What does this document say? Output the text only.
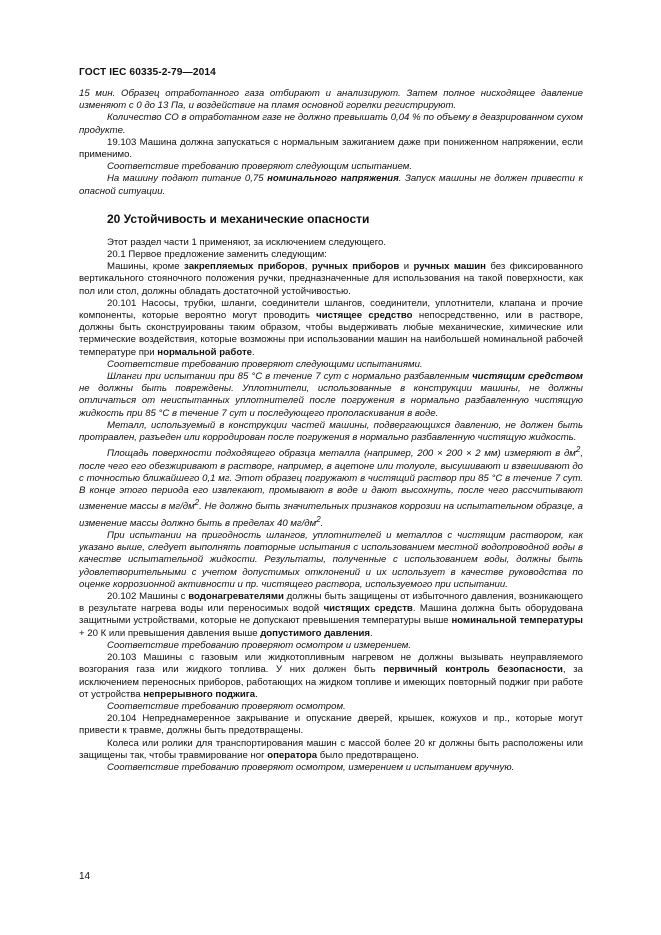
ГОСТ IEC 60335-2-79—2014

15 мин. Образец отработанного газа отбирают и анализируют. Затем полное нисходящее давление изменяют с 0 до 13 Па, и воздействие на пламя основной горелки регистрируют.

Количество CO в отработанном газе не должно превышать 0,04 % по объему в деазрированном сухом продукте.

19.103 Машина должна запускаться с нормальным зажиганием даже при пониженном напряжении, если применимо.

Соответствие требованию проверяют следующим испытанием.

На машину подают питание 0,75 номинального напряжения. Запуск машины не должен привести к опасной ситуации.

20 Устойчивость и механические опасности

Этот раздел части 1 применяют, за исключением следующего.

20.1 Первое предложение заменить следующим:

Машины, кроме закрепляемых приборов, ручных приборов и ручных машин без фиксированного вертикального стояночного положения ручки, предназначенные для использования на такой поверхности, как пол или стол, должны обладать достаточной устойчивостью.

20.101 Насосы, трубки, шланги, соединители шлангов, соединители, уплотнители, клапана и прочие компоненты, которые вероятно могут проводить чистящее средство непосредственно, или в растворе, должны быть сконструированы таким образом, чтобы выдерживать любые механические, химические или термические воздействия, которые возможны при использовании машин на наибольшей номинальной рабочей температуре при нормальной работе.

Соответствие требованию проверяют следующими испытаниями.

Шланги при испытании при 85 °С в течение 7 сут с нормально разбавленным чистящим средством не должны быть повреждены. Уплотнители, использованные в конструкции машины, не должны отличаться от неиспытанных уплотнителей после погружения в нормально разбавленную чистящую жидкость при 85 °С в течение 7 сут и последующего прополаскивания в воде.

Металл, используемый в конструкции частей машины, подвергающихся давлению, не должен быть протравлен, разъеден или корродирован после погружения в нормально разбавленную чистящую жидкость.

Площадь поверхности подходящего образца металла (например, 200 × 200 × 2 мм) измеряют в $дм^2$, после чего его обезжиривают в растворе, например, в ацетоне или толуоле, высушивают и взвешивают до с точностью ближайшего 0,1 мг. Этот образец погружают в чистящий раствор при 85 °С в течение 7 сут. В конце этого периода его извлекают, промывают в воде и дают высохнуть, после чего рассчитывают изменение массы в $мг/дм^2$. Не должно быть значительных признаков коррозии на испытательном образце, а изменение массы должно быть в пределах 40 $мг/дм^2$.

При испытании на пригодность шлангов, уплотнителей и металлов с чистящим раствором, как указано выше, следует выполнять повторные испытания с использованием местной водопроводной воды в качестве испытательной жидкости. Результаты, полученные с использованием воды, должны быть удовлетворительными с учетом допустимых отклонений и их использует в качестве руководства по оценке коррозионной активности и пр. чистящего раствора, используемого при испытании.

20.102 Машины с водонагревателями должны быть защищены от избыточного давления, возникающего в результате нагрева воды или переносимых водой чистящих средств. Машина должна быть оборудована защитными устройствами, которые не допускают превышения температуры выше номинальной температуры + 20 К или превышения давления выше допустимого давления.

Соответствие требованию проверяют осмотром и измерением.

20.103 Машины с газовым или жидкотопливным нагревом не должны вызывать неуправляемого возгорания газа или жидкого топлива. У них должен быть первичный контроль безопасности, за исключением переносных приборов, работающих на жидком топливе и имеющих повторный поджиг при работе от устройства непрерывного поджига.

Соответствие требованию проверяют осмотром.

20.104 Непреднамеренное закрывание и опускание дверей, крышек, кожухов и пр., которые могут привести к травме, должны быть предотвращены.

Колеса или ролики для транспортирования машин с массой более 20 кг должны быть расположены или защищены так, чтобы травмирование ног оператора было предотвращено.

Соответствие требованию проверяют осмотром, измерением и испытанием вручную.

14
